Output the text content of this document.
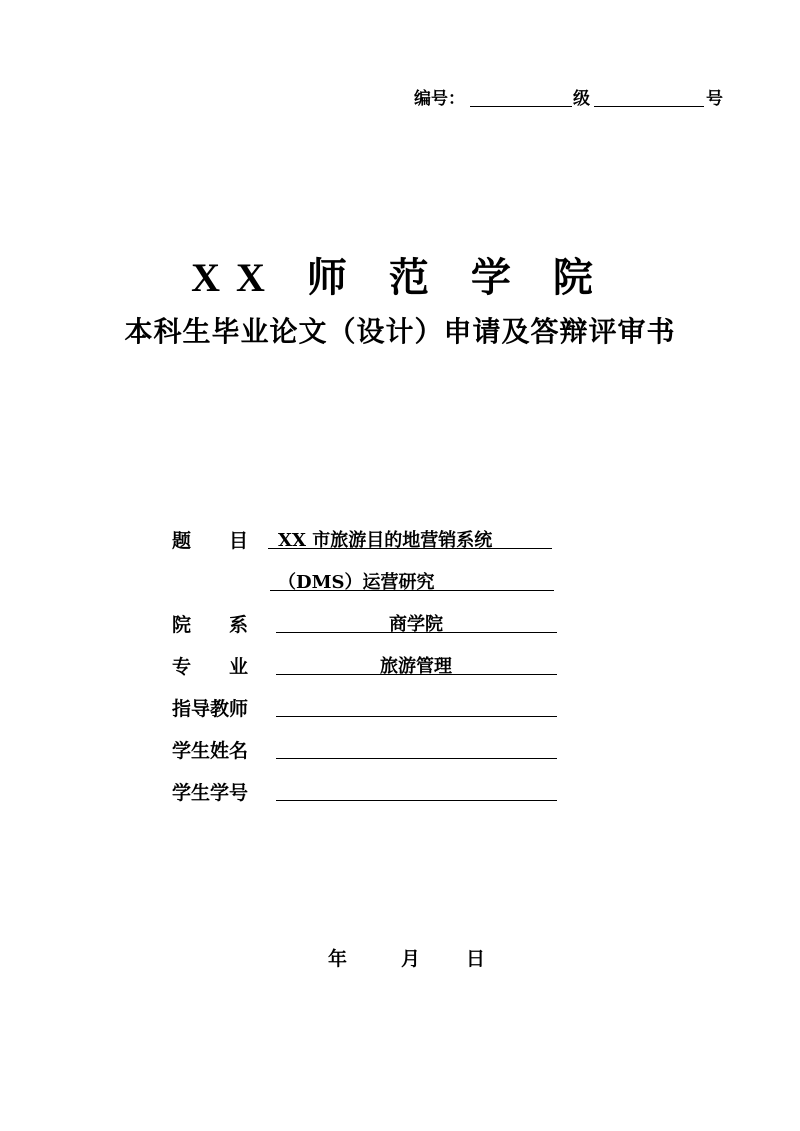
编号：	级	号
XX 师 范 学 院
本科生毕业论文（设计）申请及答辩评审书
题　　目 XX 市旅游目的地营销系统
（DMS）运营研究
院　　系	商学院
专　　业	旅游管理
指导教师
学生姓名
学生学号
年	月 日
